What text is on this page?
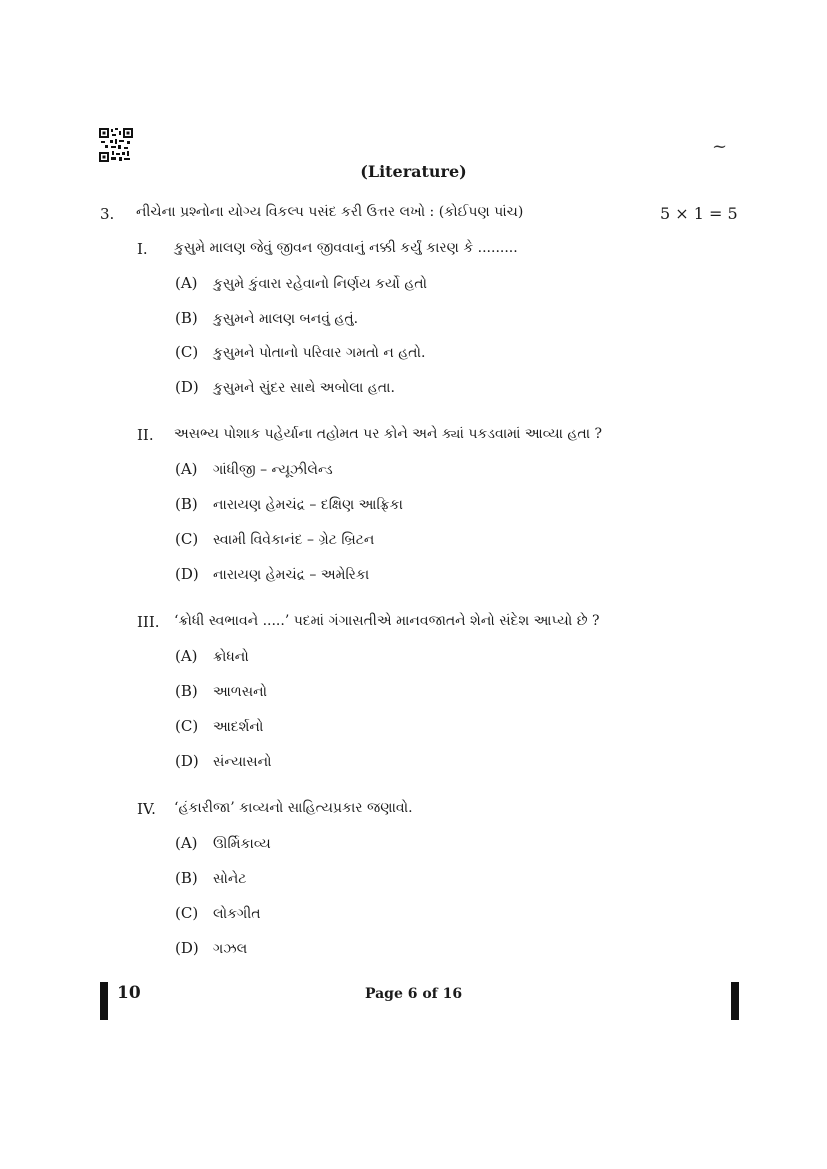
~
(Literature)
3. નીચેના પ્રશ્નોના યોગ્ય વિકલ્પ પસંદ કરી ઉત્તર લખો : (કોઈપણ પાંચ)	5 × 1 = 5
I. કુસુમે માલણ જેવું જીવન જીવવાનું નક્કી કર્યું કારણ કે .........
(A) કુસુમે કુંવારા રહેવાનો નિર્ણય કર્યો હતો
(B) કુસુમને માલણ બનવું હતું.
(C) કુસુમને પોતાનો પરિવાર ગમતો ન હતો.
(D) કુસુમને સુંદર સાથે અબોલા હતા.
II. અસભ્ય પોશાક પહેર્યાના તહોમત પર કોને અને ક્યાં પકડવામાં આવ્યા હતા ?
(A) ગાંધીજી – ન્યૂઝીલેન્ડ
(B) નારાયણ હેમચંદ્ર – દક્ષિણ આફ્રિકા
(C) સ્વામી વિવેકાનંદ – ગ્રેટ બ્રિટન
(D) નારાયણ હેમચંદ્ર – અમેરિકા
III. ‘ક્રોધી સ્વભાવને .....’ પદમાં ગંગાસતીએ માનવજાતને શેનો સંદેશ આપ્યો છે ?
(A) ક્રોધનો
(B) આળસનો
(C) આદર્શનો
(D) સંન્યાસનો
IV. ‘હંકારીજા’ કાવ્યનો સાહિત્યપ્રકાર જણાવો.
(A) ઊર્મિકાવ્ય
(B) સોનેટ
(C) લોકગીત
(D) ગઝલ
10	Page 6 of 16
